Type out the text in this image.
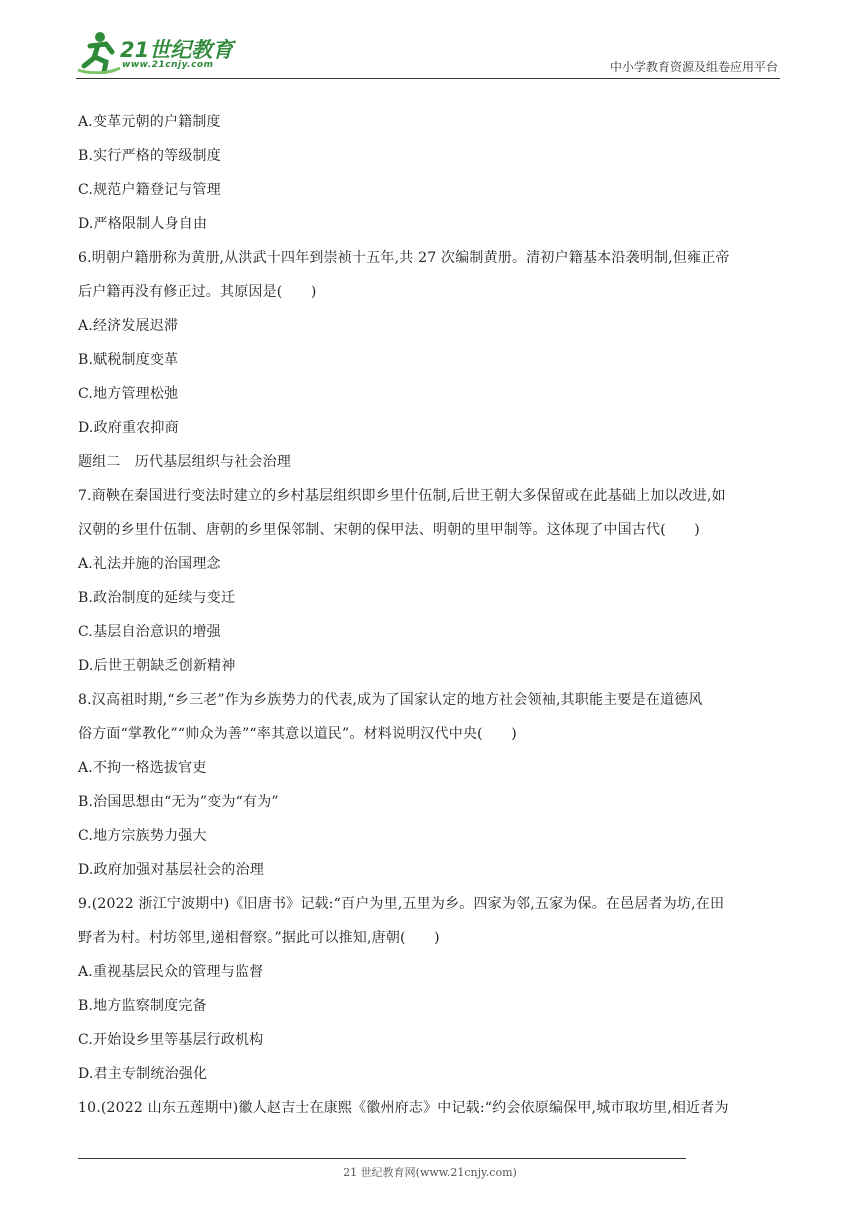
21世纪教育
www.21cnjy.com	中小学教育资源及组卷应用平台
A.变革元朝的户籍制度
B.实行严格的等级制度
C.规范户籍登记与管理
D.严格限制人身自由
6.明朝户籍册称为黄册,从洪武十四年到崇祯十五年,共 27 次编制黄册。清初户籍基本沿袭明制,但雍正帝
后户籍再没有修正过。其原因是(　　)
A.经济发展迟滞
B.赋税制度变革
C.地方管理松弛
D.政府重农抑商
题组二　历代基层组织与社会治理
7.商鞅在秦国进行变法时建立的乡村基层组织即乡里什伍制,后世王朝大多保留或在此基础上加以改进,如
汉朝的乡里什伍制、唐朝的乡里保邻制、宋朝的保甲法、明朝的里甲制等。这体现了中国古代(　　)
A.礼法并施的治国理念
B.政治制度的延续与变迁
C.基层自治意识的增强
D.后世王朝缺乏创新精神
8.汉高祖时期,“乡三老”作为乡族势力的代表,成为了国家认定的地方社会领袖,其职能主要是在道德风
俗方面“掌教化”“帅众为善”“率其意以道民”。材料说明汉代中央(　　)
A.不拘一格选拔官吏
B.治国思想由“无为”变为“有为”
C.地方宗族势力强大
D.政府加强对基层社会的治理
9.(2022 浙江宁波期中)《旧唐书》记载:“百户为里,五里为乡。四家为邻,五家为保。在邑居者为坊,在田
野者为村。村坊邻里,递相督察。”据此可以推知,唐朝(　　)
A.重视基层民众的管理与监督
B.地方监察制度完备
C.开始设乡里等基层行政机构
D.君主专制统治强化
10.(2022 山东五莲期中)徽人赵吉士在康熙《徽州府志》中记载:“约会依原编保甲,城市取坊里,相近者为
21 世纪教育网(www.21cnjy.com)
